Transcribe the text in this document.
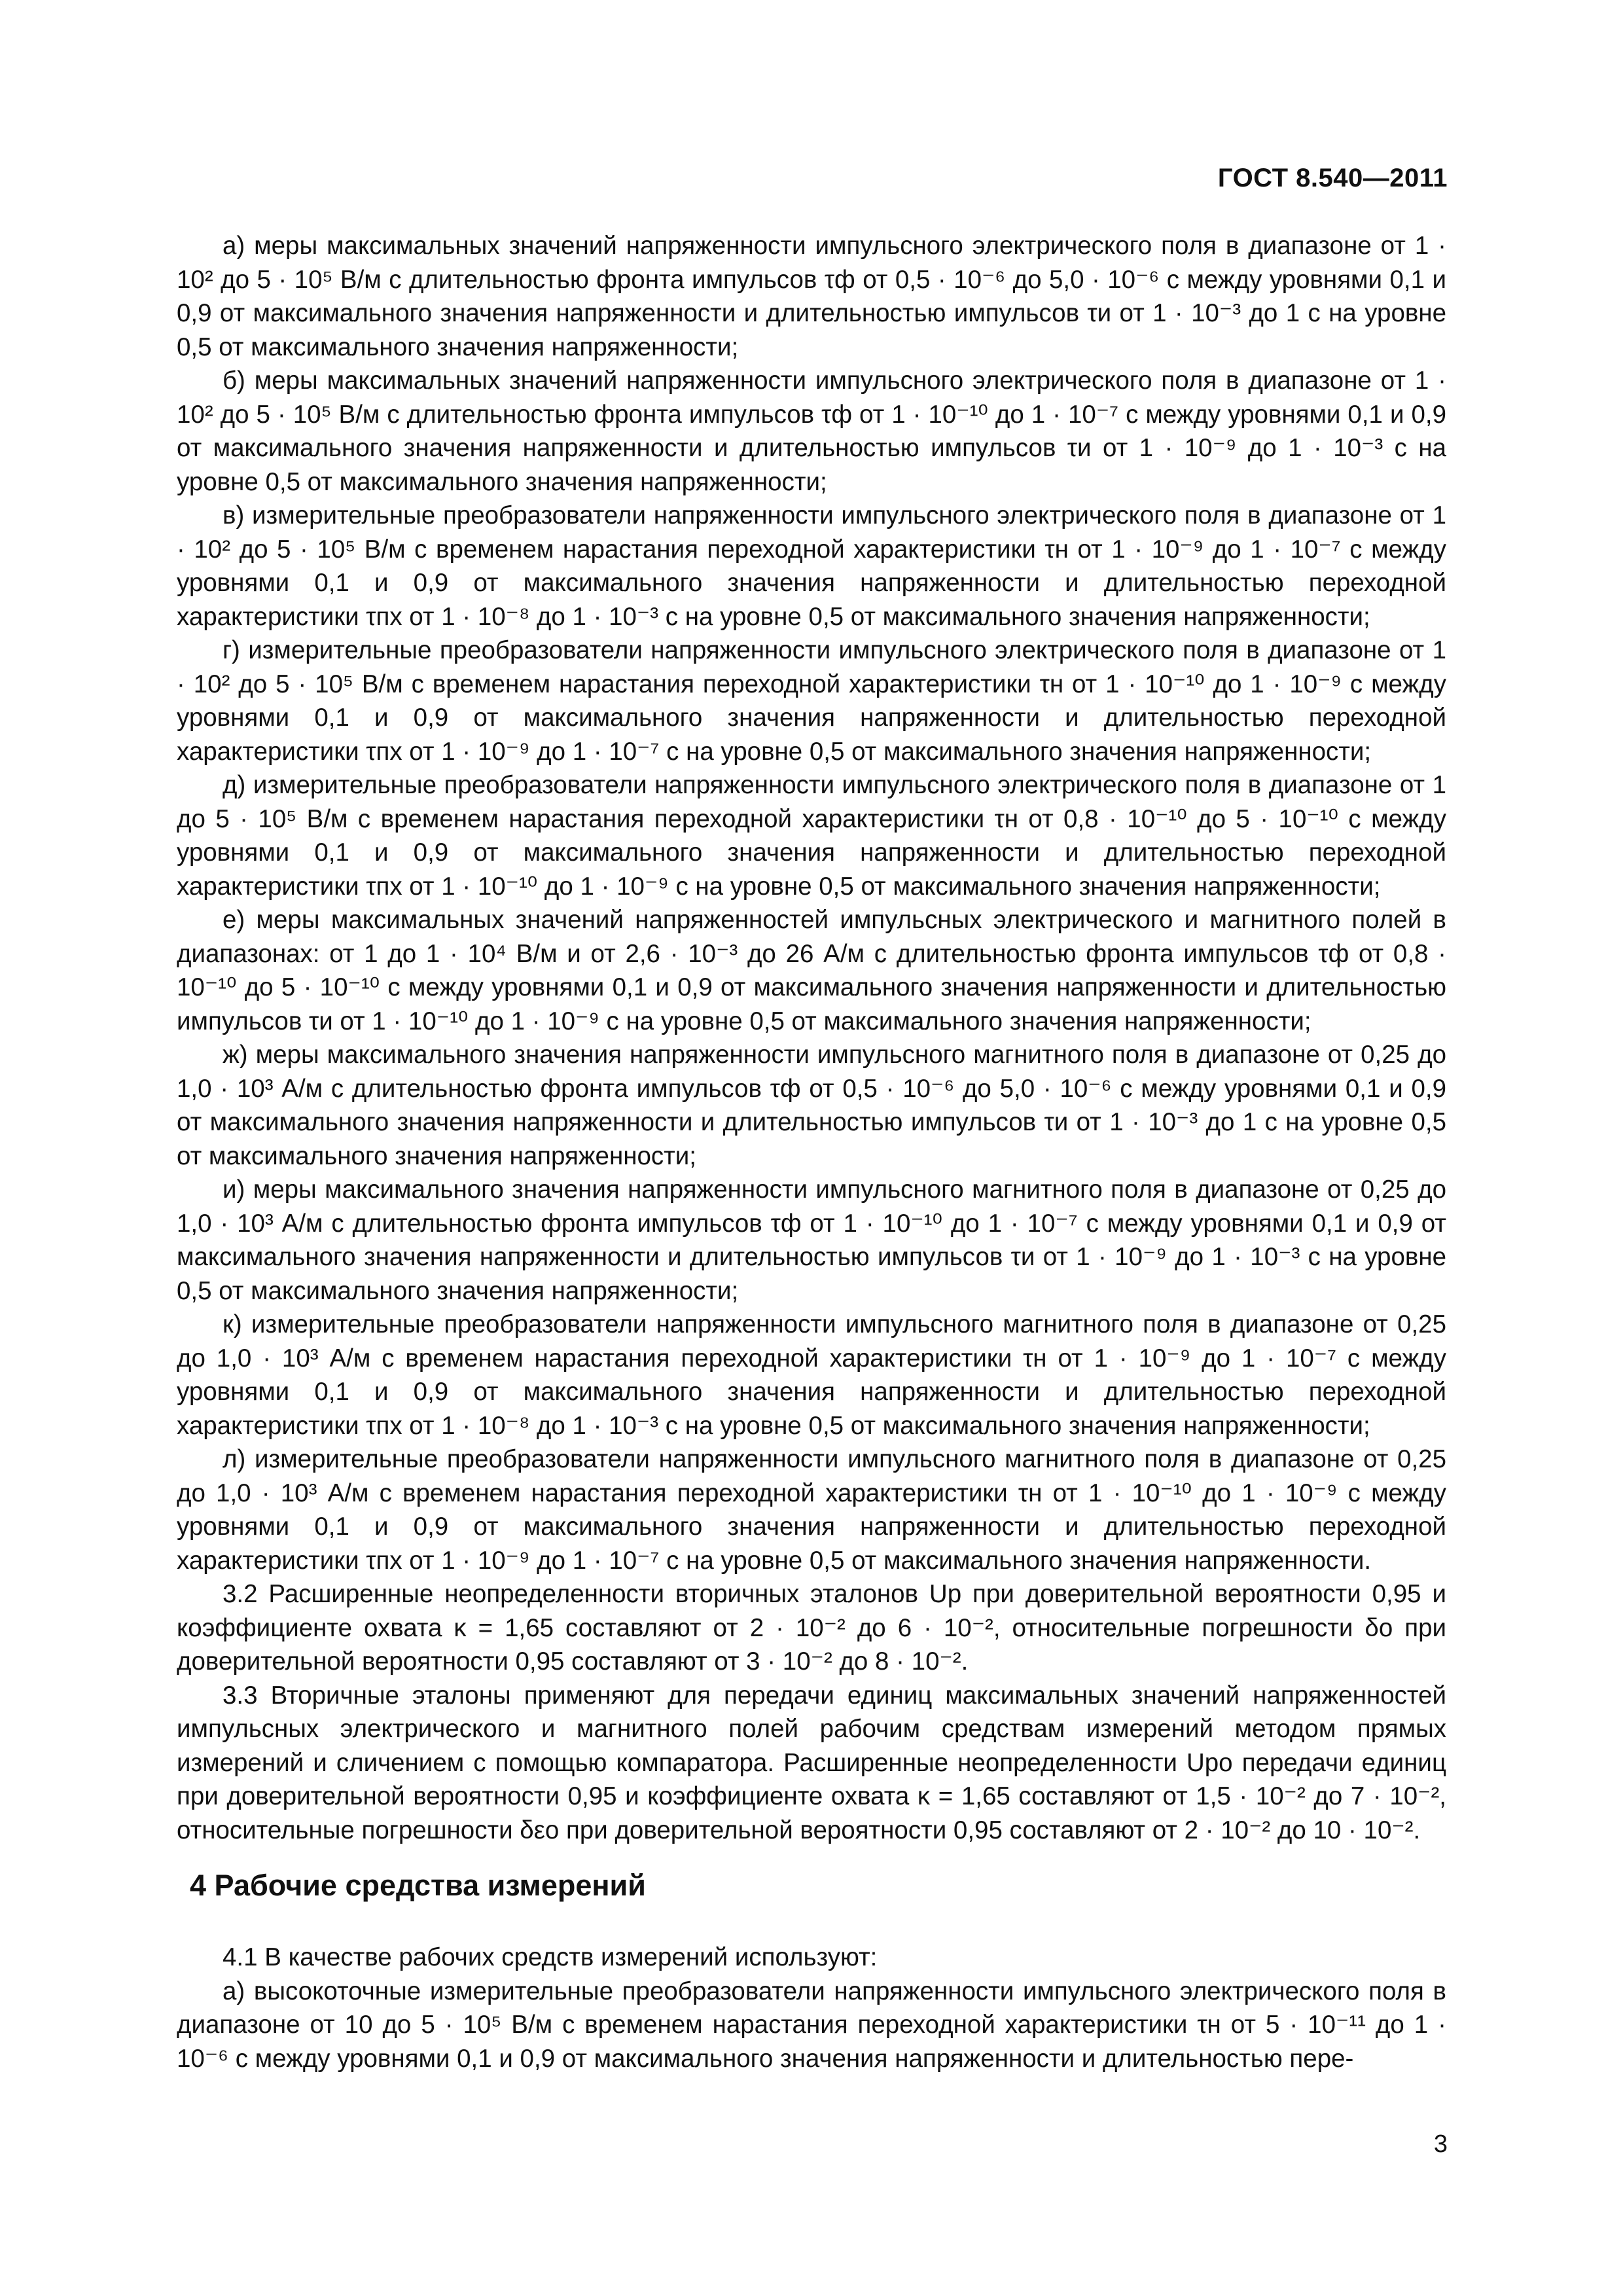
ГОСТ 8.540—2011

а) меры максимальных значений напряженности импульсного электрического поля в диапазоне от 1 · 10² до 5 · 10⁵ В/м с длительностью фронта импульсов τф от 0,5 · 10⁻⁶ до 5,0 · 10⁻⁶ с между уровнями 0,1 и 0,9 от максимального значения напряженности и длительностью импульсов τи от 1 · 10⁻³ до 1 с на уровне 0,5 от максимального значения напряженности;

б) меры максимальных значений напряженности импульсного электрического поля в диапазоне от 1 · 10² до 5 · 10⁵ В/м с длительностью фронта импульсов τф от 1 · 10⁻¹⁰ до 1 · 10⁻⁷ с между уровнями 0,1 и 0,9 от максимального значения напряженности и длительностью импульсов τи от 1 · 10⁻⁹ до 1 · 10⁻³ с на уровне 0,5 от максимального значения напряженности;

в) измерительные преобразователи напряженности импульсного электрического поля в диапазоне от 1 · 10² до 5 · 10⁵ В/м с временем нарастания переходной характеристики τн от 1 · 10⁻⁹ до 1 · 10⁻⁷ с между уровнями 0,1 и 0,9 от максимального значения напряженности и длительностью переходной характеристики τпх от 1 · 10⁻⁸ до 1 · 10⁻³ с на уровне 0,5 от максимального значения напряженности;

г) измерительные преобразователи напряженности импульсного электрического поля в диапазоне от 1 · 10² до 5 · 10⁵ В/м с временем нарастания переходной характеристики τн от 1 · 10⁻¹⁰ до 1 · 10⁻⁹ с между уровнями 0,1 и 0,9 от максимального значения напряженности и длительностью переходной характеристики τпх от 1 · 10⁻⁹ до 1 · 10⁻⁷ с на уровне 0,5 от максимального значения напряженности;

д) измерительные преобразователи напряженности импульсного электрического поля в диапазоне от 1 до 5 · 10⁵ В/м с временем нарастания переходной характеристики τн от 0,8 · 10⁻¹⁰ до 5 · 10⁻¹⁰ с между уровнями 0,1 и 0,9 от максимального значения напряженности и длительностью переходной характеристики τпх от 1 · 10⁻¹⁰ до 1 · 10⁻⁹ с на уровне 0,5 от максимального значения напряженности;

е) меры максимальных значений напряженностей импульсных электрического и магнитного полей в диапазонах: от 1 до 1 · 10⁴ В/м и от 2,6 · 10⁻³ до 26 А/м с длительностью фронта импульсов τф от 0,8 · 10⁻¹⁰ до 5 · 10⁻¹⁰ с между уровнями 0,1 и 0,9 от максимального значения напряженности и длительностью импульсов τи от 1 · 10⁻¹⁰ до 1 · 10⁻⁹ с на уровне 0,5 от максимального значения напряженности;

ж) меры максимального значения напряженности импульсного магнитного поля в диапазоне от 0,25 до 1,0 · 10³ А/м с длительностью фронта импульсов τф от 0,5 · 10⁻⁶ до 5,0 · 10⁻⁶ с между уровнями 0,1 и 0,9 от максимального значения напряженности и длительностью импульсов τи от 1 · 10⁻³ до 1 с на уровне 0,5 от максимального значения напряженности;

и) меры максимального значения напряженности импульсного магнитного поля в диапазоне от 0,25 до 1,0 · 10³ А/м с длительностью фронта импульсов τф от 1 · 10⁻¹⁰ до 1 · 10⁻⁷ с между уровнями 0,1 и 0,9 от максимального значения напряженности и длительностью импульсов τи от 1 · 10⁻⁹ до 1 · 10⁻³ с на уровне 0,5 от максимального значения напряженности;

к) измерительные преобразователи напряженности импульсного магнитного поля в диапазоне от 0,25 до 1,0 · 10³ А/м с временем нарастания переходной характеристики τн от 1 · 10⁻⁹ до 1 · 10⁻⁷ с между уровнями 0,1 и 0,9 от максимального значения напряженности и длительностью переходной характеристики τпх от 1 · 10⁻⁸ до 1 · 10⁻³ с на уровне 0,5 от максимального значения напряженности;

л) измерительные преобразователи напряженности импульсного магнитного поля в диапазоне от 0,25 до 1,0 · 10³ А/м с временем нарастания переходной характеристики τн от 1 · 10⁻¹⁰ до 1 · 10⁻⁹ с между уровнями 0,1 и 0,9 от максимального значения напряженности и длительностью переходной характеристики τпх от 1 · 10⁻⁹ до 1 · 10⁻⁷ с на уровне 0,5 от максимального значения напряженности.

3.2 Расширенные неопределенности вторичных эталонов Up при доверительной вероятности 0,95 и коэффициенте охвата κ = 1,65 составляют от 2 · 10⁻² до 6 · 10⁻², относительные погрешности δo при доверительной вероятности 0,95 составляют от 3 · 10⁻² до 8 · 10⁻².

3.3 Вторичные эталоны применяют для передачи единиц максимальных значений напряженностей импульсных электрического и магнитного полей рабочим средствам измерений методом прямых измерений и сличением с помощью компаратора. Расширенные неопределенности Upo передачи единиц при доверительной вероятности 0,95 и коэффициенте охвата κ = 1,65 составляют от 1,5 · 10⁻² до 7 · 10⁻², относительные погрешности δεo при доверительной вероятности 0,95 составляют от 2 · 10⁻² до 10 · 10⁻².

4 Рабочие средства измерений

4.1 В качестве рабочих средств измерений используют:

а) высокоточные измерительные преобразователи напряженности импульсного электрического поля в диапазоне от 10 до 5 · 10⁵ В/м с временем нарастания переходной характеристики τн от 5 · 10⁻¹¹ до 1 · 10⁻⁶ с между уровнями 0,1 и 0,9 от максимального значения напряженности и длительностью пере-

3
